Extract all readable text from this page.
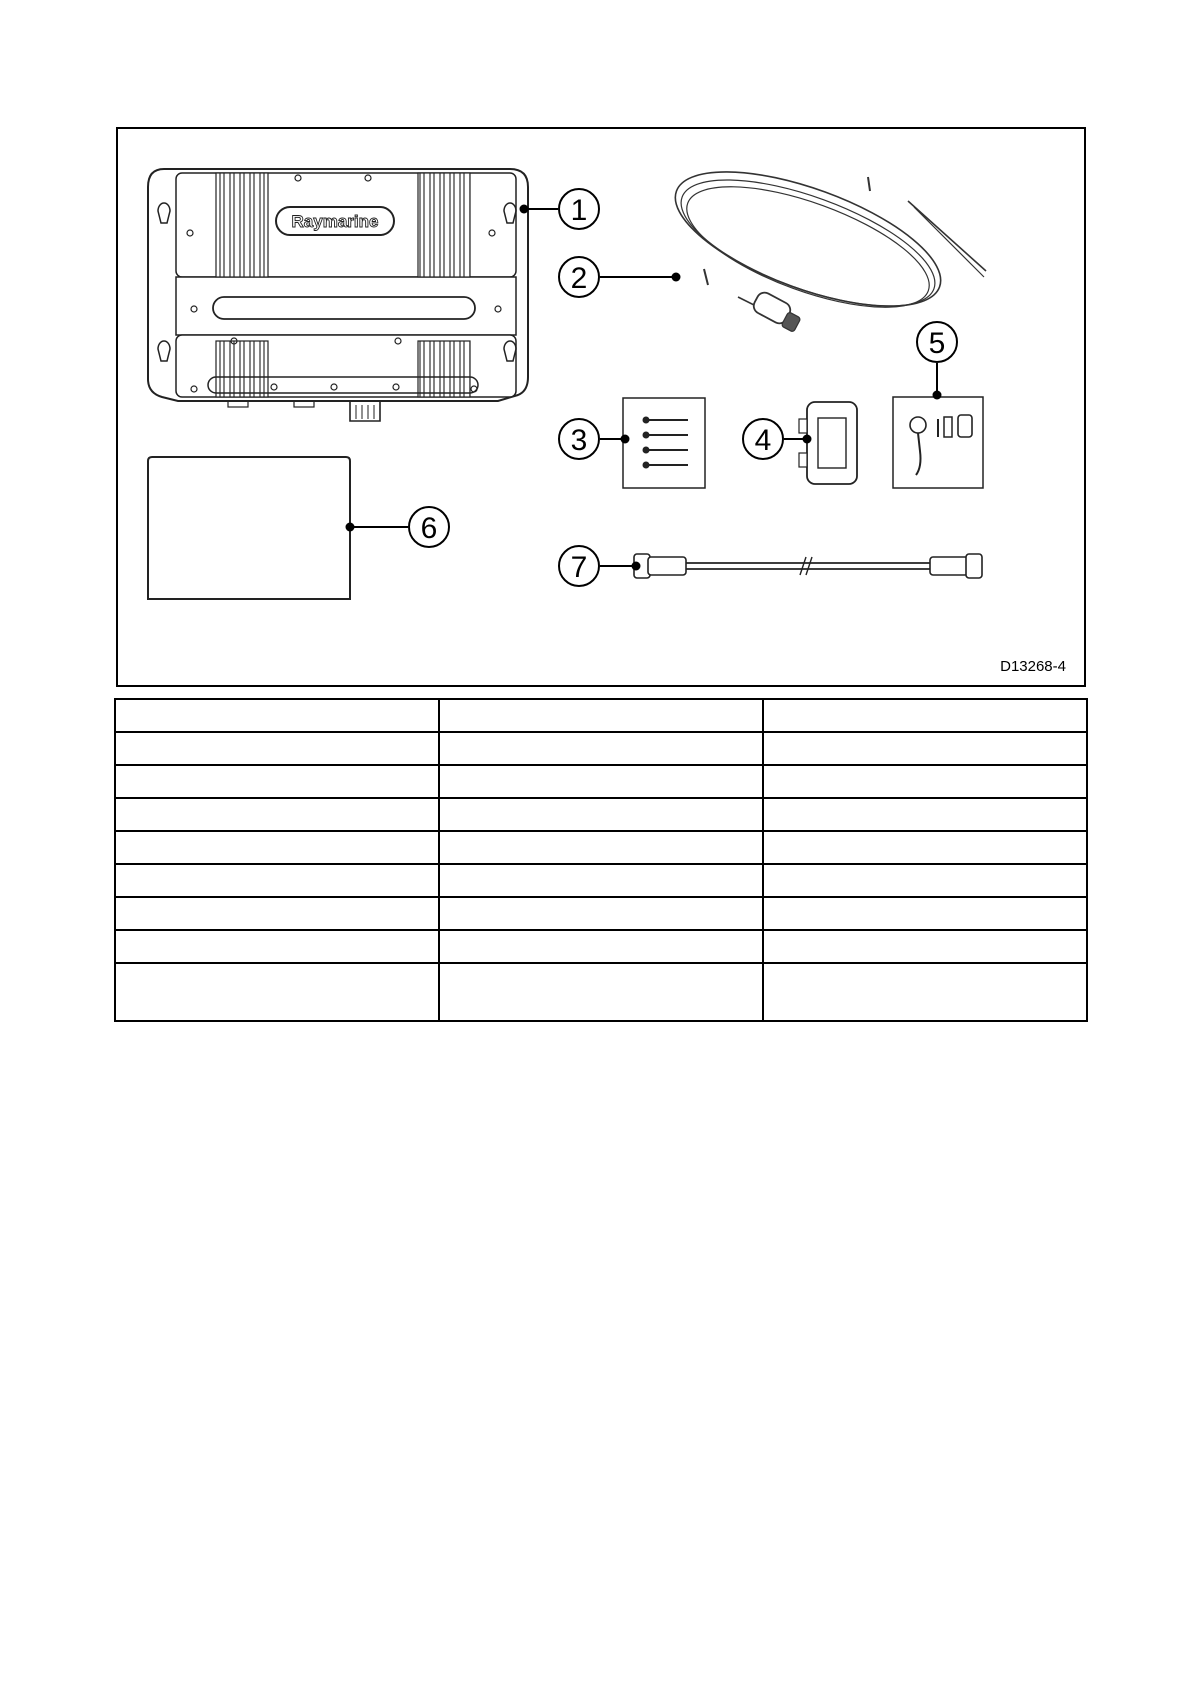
Raymarine	1
2
3	4
5
6
7
D13268-4
